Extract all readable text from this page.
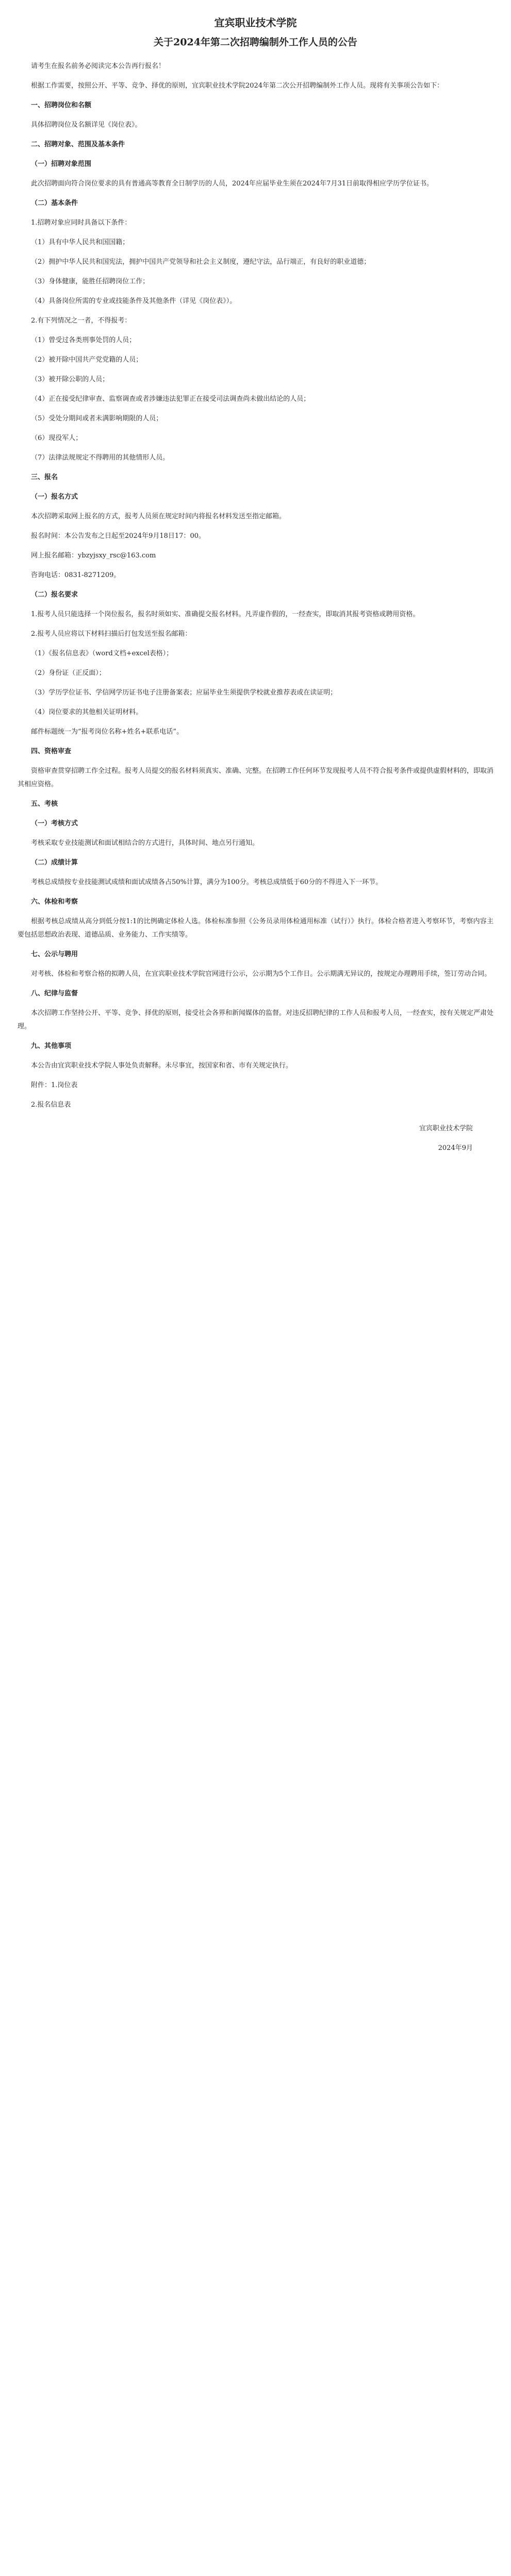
宜宾职业技术学院
关于2024年第二次招聘编制外工作人员的公告
请考生在报名前务必阅读完本公告再行报名！
根据工作需要，按照公开、平等、竞争、择优的原则，宜宾职业技术学院2024年第二次公开招聘编制外工作人员。现将有关事项公告如下：
一、招聘岗位和名额
具体招聘岗位及名额详见《岗位表》。
二、招聘对象、范围及基本条件
（一）招聘对象范围
此次招聘面向符合岗位要求的具有普通高等教育全日制学历的人员，2024年应届毕业生须在2024年7月31日前取得相应学历学位证书。
（二）基本条件
1.招聘对象应同时具备以下条件：
（1）具有中华人民共和国国籍；
（2）拥护中华人民共和国宪法，拥护中国共产党领导和社会主义制度，遵纪守法，品行端正，有良好的职业道德；
（3）身体健康，能胜任招聘岗位工作；
（4）具备岗位所需的专业或技能条件及其他条件（详见《岗位表》）。
2.有下列情况之一者，不得报考：
（1）曾受过各类刑事处罚的人员；
（2）被开除中国共产党党籍的人员；
（3）被开除公职的人员；
（4）正在接受纪律审查、监察调查或者涉嫌违法犯罪正在接受司法调查尚未做出结论的人员；
（5）受处分期间或者未满影响期限的人员；
（6）现役军人；
（7）法律法规规定不得聘用的其他情形人员。
三、报名
（一）报名方式
本次招聘采取网上报名的方式，报考人员须在规定时间内将报名材料发送至指定邮箱。
报名时间：本公告发布之日起至2024年9月18日17：00。
网上报名邮箱：ybzyjsxy_rsc@163.com
咨询电话：0831-8271209。
（二）报名要求
1.报考人员只能选择一个岗位报名，报名时须如实、准确提交报名材料。凡弄虚作假的，一经查实，即取消其报考资格或聘用资格。
2.报考人员应将以下材料扫描后打包发送至报名邮箱：
（1）《报名信息表》（word文档+excel表格）；
（2）身份证（正反面）；
（3）学历学位证书、学信网学历证书电子注册备案表；应届毕业生须提供学校就业推荐表或在读证明；
（4）岗位要求的其他相关证明材料。
邮件标题统一为“报考岗位名称+姓名+联系电话”。
四、资格审查
资格审查贯穿招聘工作全过程。报考人员提交的报名材料须真实、准确、完整。在招聘工作任何环节发现报考人员不符合报考条件或提供虚假材料的，即取消其相应资格。
五、考核
（一）考核方式
考核采取专业技能测试和面试相结合的方式进行，具体时间、地点另行通知。
（二）成绩计算
考核总成绩按专业技能测试成绩和面试成绩各占50%计算，满分为100分。考核总成绩低于60分的不得进入下一环节。
六、体检和考察
根据考核总成绩从高分到低分按1:1的比例确定体检人选。体检标准参照《公务员录用体检通用标准（试行）》执行。体检合格者进入考察环节，考察内容主要包括思想政治表现、道德品质、业务能力、工作实绩等。
七、公示与聘用
对考核、体检和考察合格的拟聘人员，在宜宾职业技术学院官网进行公示，公示期为5个工作日。公示期满无异议的，按规定办理聘用手续，签订劳动合同。
八、纪律与监督
本次招聘工作坚持公开、平等、竞争、择优的原则，接受社会各界和新闻媒体的监督。对违反招聘纪律的工作人员和报考人员，一经查实，按有关规定严肃处理。
九、其他事项
本公告由宜宾职业技术学院人事处负责解释。未尽事宜，按国家和省、市有关规定执行。
附件：1.岗位表
2.报名信息表
宜宾职业技术学院
2024年9月
